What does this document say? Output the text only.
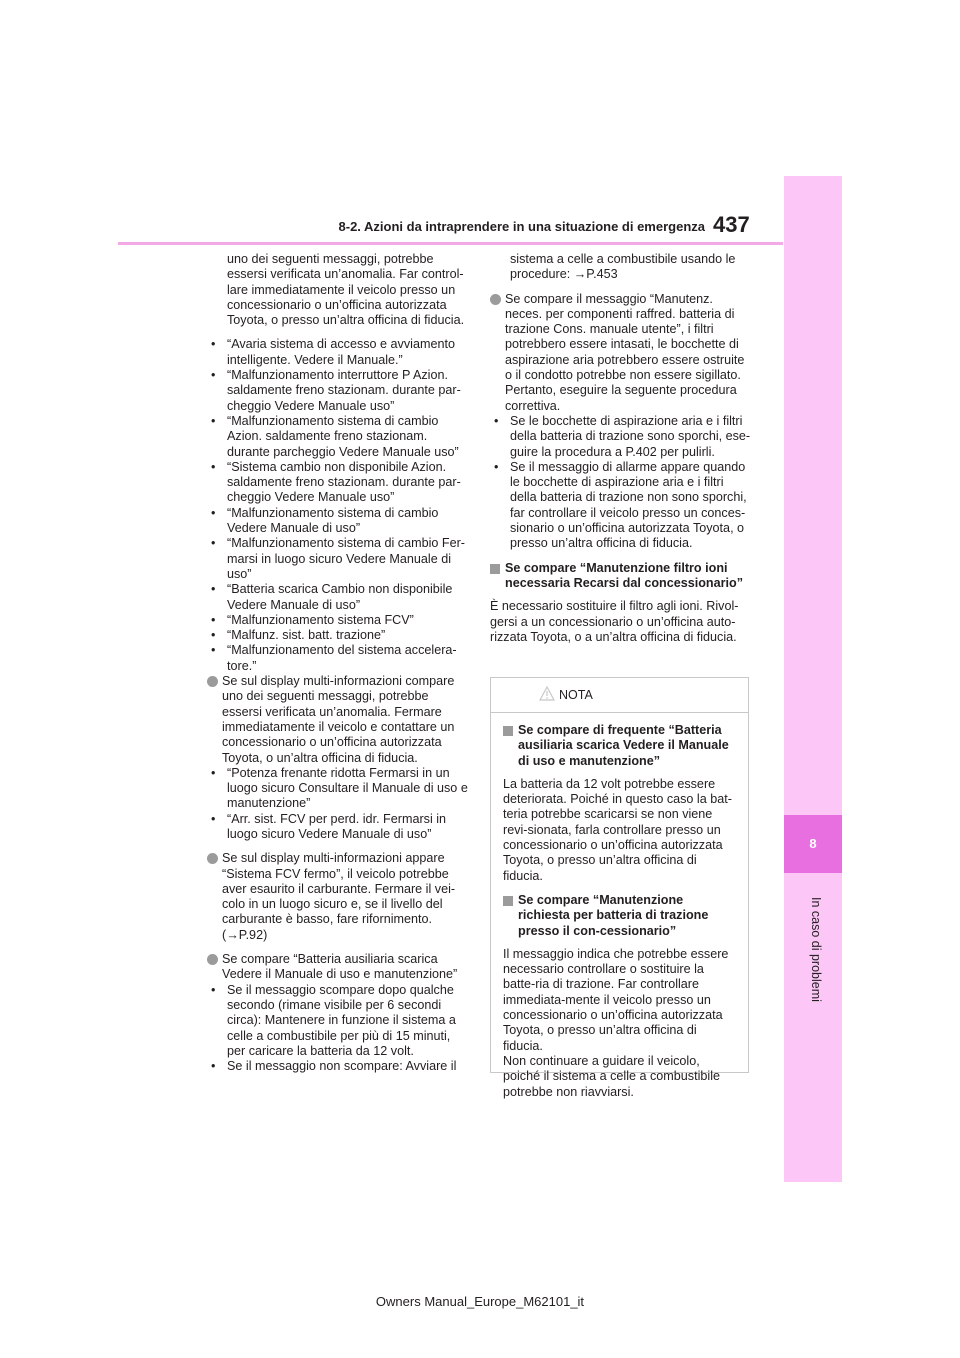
8-2. Azioni da intraprendere in una situazione di emergenza 437
8
In caso di problemi
uno dei seguenti messaggi, potrebbe essersi verificata un’anomalia. Far control-lare immediatamente il veicolo presso un concessionario o un’officina autorizzata Toyota, o presso un’altra officina di fiducia.
• “Avaria sistema di accesso e avviamento intelligente. Vedere il Manuale.”
• “Malfunzionamento interruttore P Azion. saldamente freno stazionam. durante par-cheggio Vedere Manuale uso”
• “Malfunzionamento sistema di cambio Azion. saldamente freno stazionam. durante parcheggio Vedere Manuale uso”
• “Sistema cambio non disponibile Azion. saldamente freno stazionam. durante par-cheggio Vedere Manuale uso”
• “Malfunzionamento sistema di cambio Vedere Manuale di uso”
• “Malfunzionamento sistema di cambio Fer-marsi in luogo sicuro Vedere Manuale di uso”
• “Batteria scarica Cambio non disponibile Vedere Manuale di uso”
• “Malfunzionamento sistema FCV”
• “Malfunz. sist. batt. trazione”
• “Malfunzionamento del sistema accelera-tore.”
Se sul display multi-informazioni compare uno dei seguenti messaggi, potrebbe essersi verificata un’anomalia. Fermare immediatamente il veicolo e contattare un concessionario o un’officina autorizzata Toyota, o un’altra officina di fiducia.
• “Potenza frenante ridotta Fermarsi in un luogo sicuro Consultare il Manuale di uso e manutenzione”
• “Arr. sist. FCV per perd. idr. Fermarsi in luogo sicuro Vedere Manuale di uso”
Se sul display multi-informazioni appare “Sistema FCV fermo”, il veicolo potrebbe aver esaurito il carburante. Fermare il vei-colo in un luogo sicuro e, se il livello del carburante è basso, fare rifornimento. (→P.92)
Se compare “Batteria ausiliaria scarica Vedere il Manuale di uso e manutenzione”
• Se il messaggio scompare dopo qualche secondo (rimane visibile per 6 secondi circa): Mantenere in funzione il sistema a celle a combustibile per più di 15 minuti, per caricare la batteria da 12 volt.
• Se il messaggio non scompare: Avviare il
sistema a celle a combustibile usando le procedure: →P.453
Se compare il messaggio “Manutenz. neces. per componenti raffred. batteria di trazione Cons. manuale utente”, i filtri potrebbero essere intasati, le bocchette di aspirazione aria potrebbero essere ostruite o il condotto potrebbe non essere sigillato. Pertanto, eseguire la seguente procedura correttiva.
• Se le bocchette di aspirazione aria e i filtri della batteria di trazione sono sporchi, ese-guire la procedura a P.402 per pulirli.
• Se il messaggio di allarme appare quando le bocchette di aspirazione aria e i filtri della batteria di trazione non sono sporchi, far controllare il veicolo presso un conces-sionario o un’officina autorizzata Toyota, o presso un’altra officina di fiducia.
Se compare “Manutenzione filtro ioni necessaria Recarsi dal concessionario”
È necessario sostituire il filtro agli ioni. Rivol-gersi a un concessionario o un’officina auto-rizzata Toyota, o a un’altra officina di fiducia.
NOTA
Se compare di frequente “Batteria ausiliaria scarica Vedere il Manuale di uso e manutenzione”
La batteria da 12 volt potrebbe essere deteriorata. Poiché in questo caso la bat-teria potrebbe scaricarsi se non viene revi-sionata, farla controllare presso un concessionario o un’officina autorizzata Toyota, o presso un’altra officina di fiducia.
Se compare “Manutenzione richiesta per batteria di trazione presso il con-cessionario”
Il messaggio indica che potrebbe essere necessario controllare o sostituire la batte-ria di trazione. Far controllare immediata-mente il veicolo presso un concessionario o un’officina autorizzata Toyota, o presso un’altra officina di fiducia.
Non continuare a guidare il veicolo, poiché il sistema a celle a combustibile potrebbe non riavviarsi.
Owners Manual_Europe_M62101_it
